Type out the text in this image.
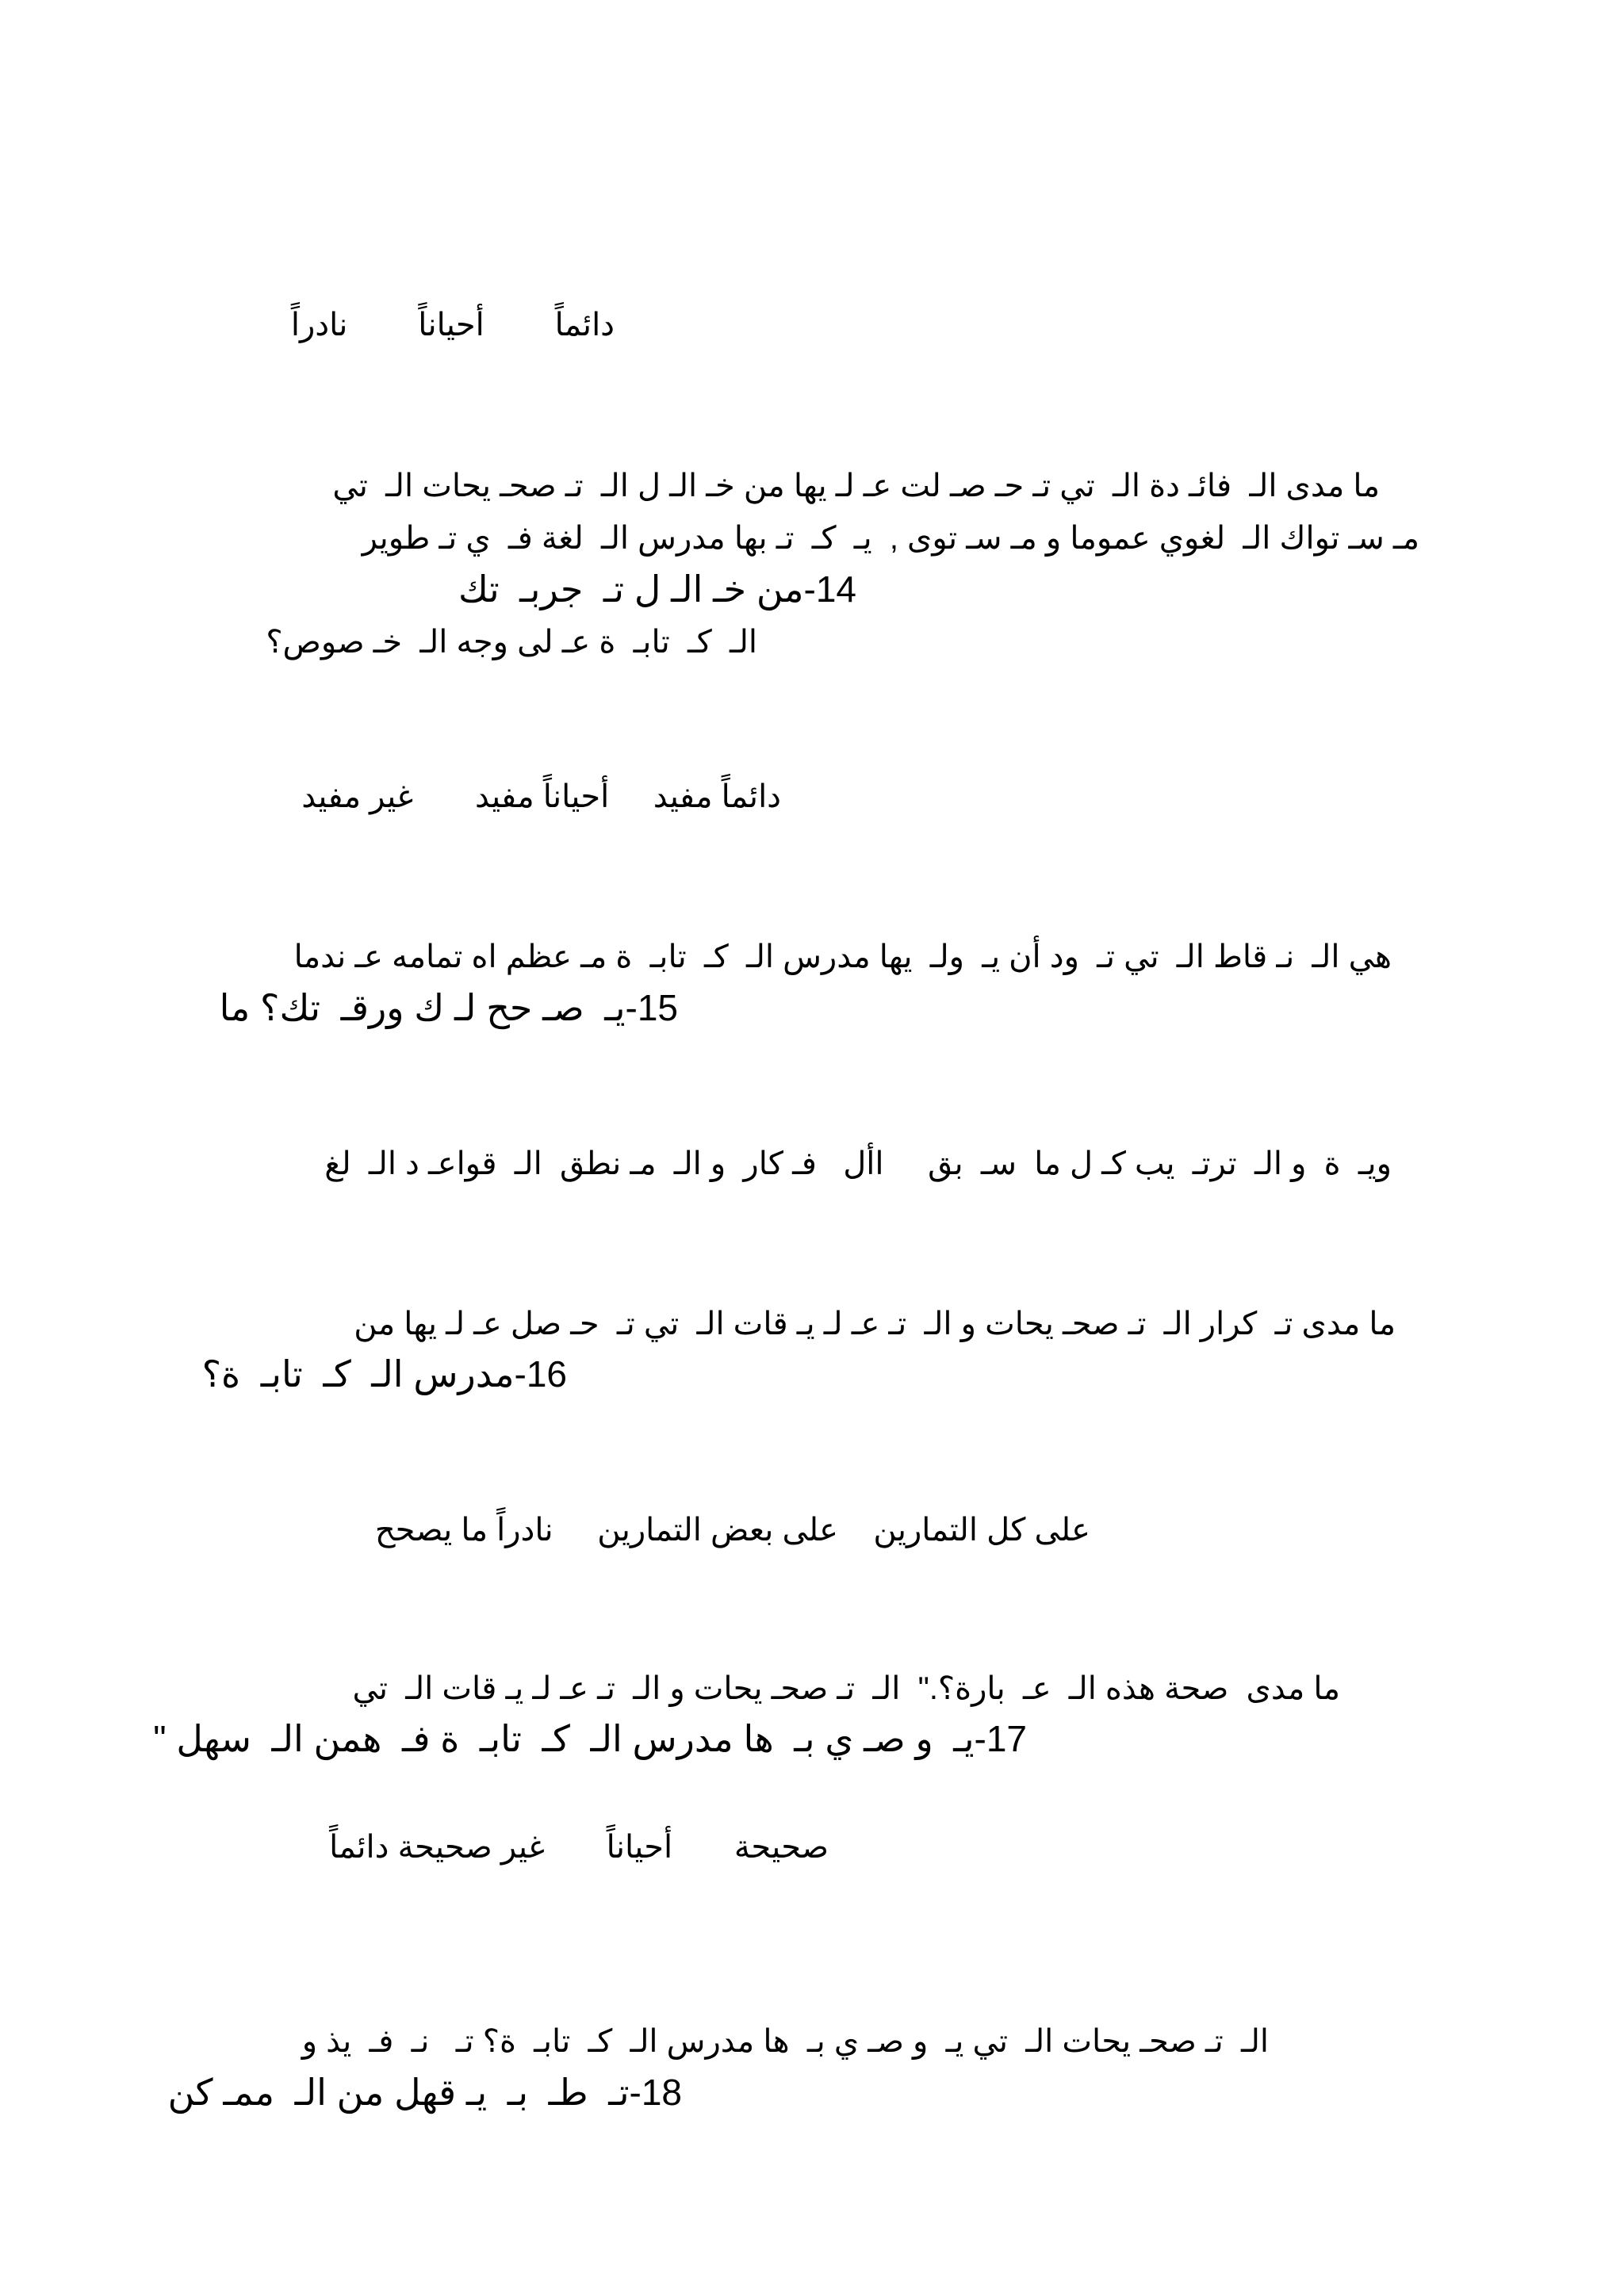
دائماً        أحياناً        نادراً
ما مدى الـ  فائـ دة الـ  تي تـ حـ صـ لت عـ لـ يها من خـ الـ ل الـ  تـ صحـ يحات الـ  تي
مـ سـ تواك الـ  لغوي عموما و مـ سـ توى ,  يـ  كـ  تـ بها مدرس الـ  لغة فـ  ي تـ طوير
14-من خـ الـ ل تـ  جربـ  تك
الـ  كـ  تابـ  ة عـ لى وجه الـ  خـ صوص؟
دائماً مفيد     أحياناً مفيد       غير مفيد
هي الـ  نـ قاط الـ  تي تـ  ود أن يـ  ولـ  يها مدرس الـ  كـ  تابـ  ة مـ عظم اه تمامه عـ ندما
15-يـ  صـ حح لـ ك ورقـ  تك؟ ما
ويـ  ة  و الـ  ترتـ  يب كـ ل ما  سـ  بق     األ   فـ كار  و الـ  مـ نطق  الـ  قواعـ د الـ  لغ
ما مدى تـ  كرار الـ  تـ صحـ يحات و الـ  تـ عـ لـ يـ قات الـ  تي تـ  حـ صل عـ لـ يها من
16-مدرس الـ  كـ  تابـ  ة؟
على كل التمارين    على بعض التمارين     نادراً ما يصحح
ما مدى  صحة هذه الـ  عـ  بارة؟."  الـ  تـ صحـ يحات و الـ  تـ عـ لـ يـ قات الـ  تي
17-يـ  و صـ ي بـ  ها مدرس الـ  كـ  تابـ  ة فـ  همن الـ  سهل "
صحيحة       أحياناً       غير صحيحة دائماً
الـ  تـ صحـ يحات الـ  تي يـ  و صـ ي بـ  ها مدرس الـ  كـ  تابـ  ة؟ تـ   نـ  فـ  يذ و
18-تـ  طـ  بـ  يـ قهل من الـ  ممـ كن
